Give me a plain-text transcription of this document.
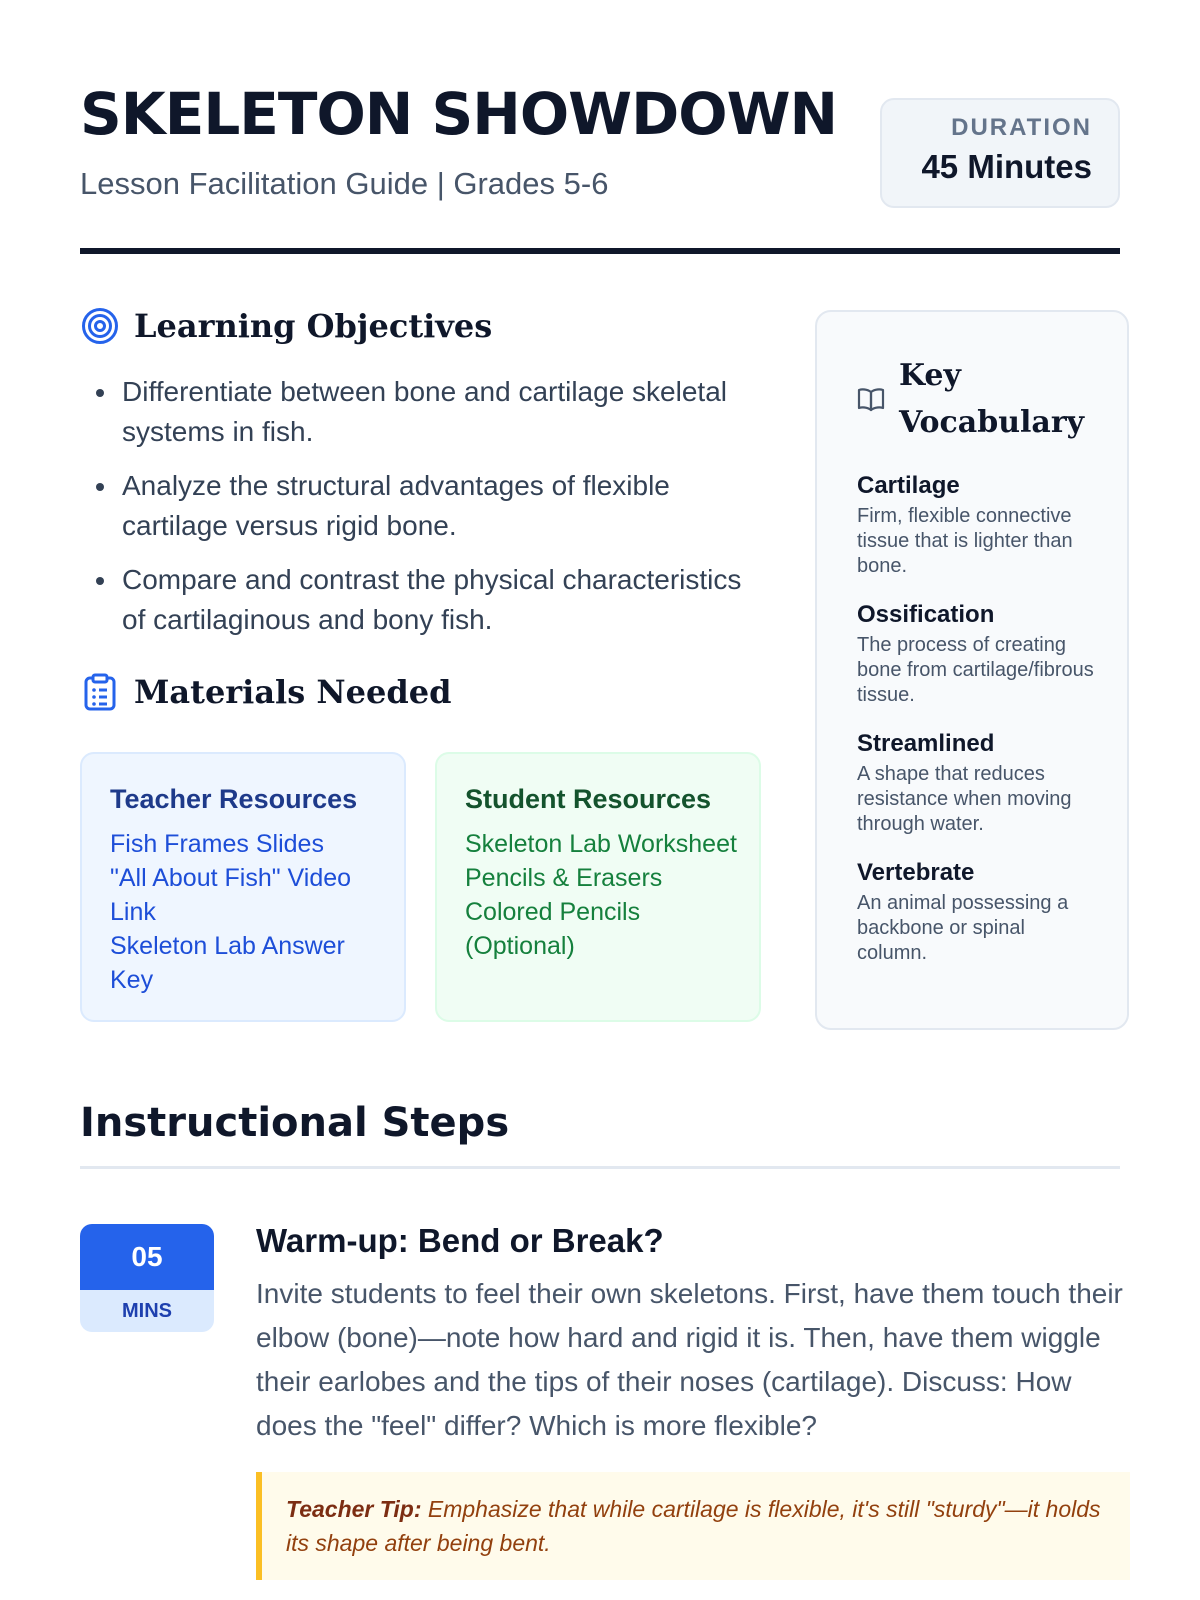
SKELETON SHOWDOWN
Lesson Facilitation Guide | Grades 5-6
DURATION
45 Minutes
Learning Objectives
Differentiate between bone and cartilage skeletal systems in fish.
Analyze the structural advantages of flexible cartilage versus rigid bone.
Compare and contrast the physical characteristics of cartilaginous and bony fish.
Materials Needed
Teacher Resources
Fish Frames Slides
"All About Fish" Video Link
Skeleton Lab Answer Key
Student Resources
Skeleton Lab Worksheet
Pencils & Erasers
Colored Pencils (Optional)
Key Vocabulary
Cartilage
Firm, flexible connective tissue that is lighter than bone.
Ossification
The process of creating bone from cartilage/fibrous tissue.
Streamlined
A shape that reduces resistance when moving through water.
Vertebrate
An animal possessing a backbone or spinal column.
Instructional Steps
05
MINS
Warm-up: Bend or Break?

Invite students to feel their own skeletons. First, have them touch their elbow (bone)—note how hard and rigid it is. Then, have them wiggle their earlobes and the tips of their noses (cartilage). Discuss: How does the "feel" differ? Which is more flexible?

Teacher Tip: Emphasize that while cartilage is flexible, it's still "sturdy"—it holds its shape after being bent.
